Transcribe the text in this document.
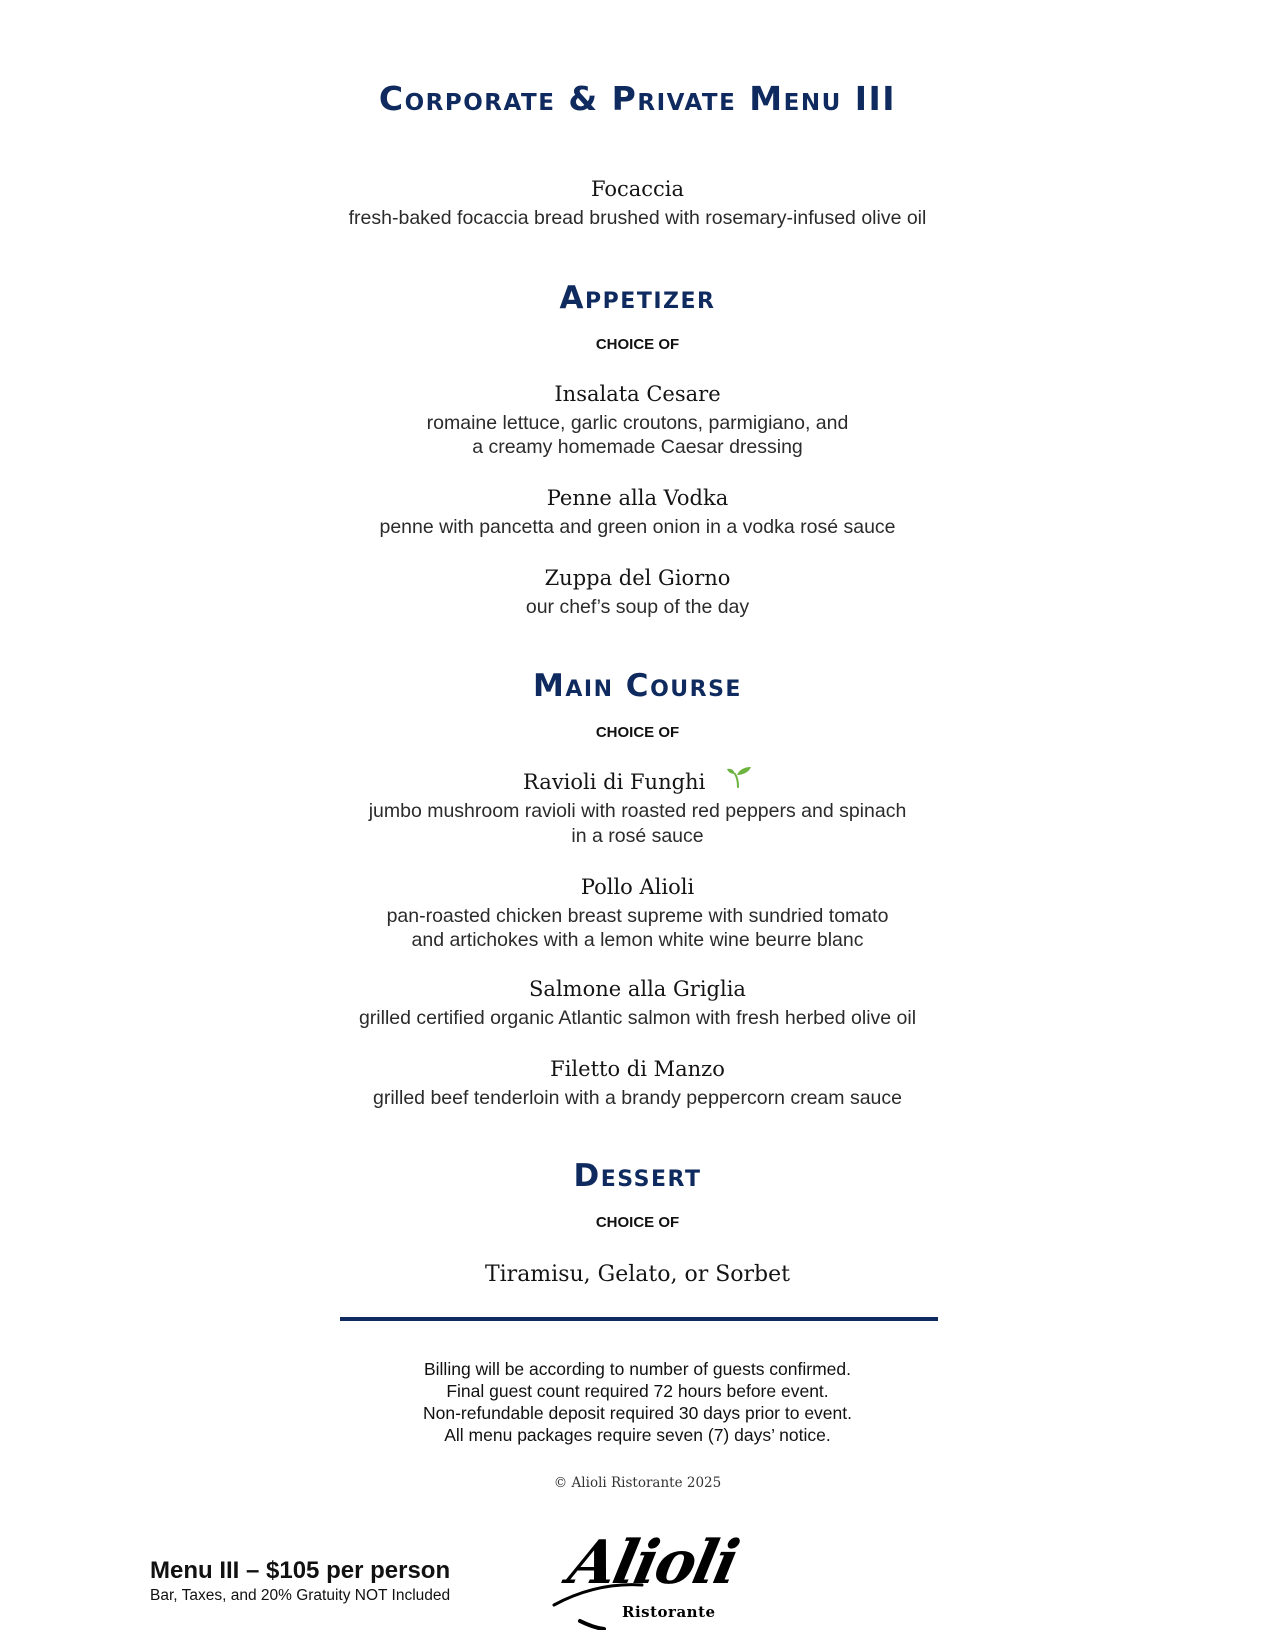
Corporate & Private Menu III
Focaccia
fresh-baked focaccia bread brushed with rosemary-infused olive oil
Appetizer
CHOICE OF
Insalata Cesare
romaine lettuce, garlic croutons, parmigiano, and
a creamy homemade Caesar dressing
Penne alla Vodka
penne with pancetta and green onion in a vodka rosé sauce
Zuppa del Giorno
our chef’s soup of the day
Main Course
CHOICE OF
Ravioli di Funghi
jumbo mushroom ravioli with roasted red peppers and spinach
in a rosé sauce
Pollo Alioli
pan-roasted chicken breast supreme with sundried tomato
and artichokes with a lemon white wine beurre blanc
Salmone alla Griglia
grilled certified organic Atlantic salmon with fresh herbed olive oil
Filetto di Manzo
grilled beef tenderloin with a brandy peppercorn cream sauce
Dessert
CHOICE OF
Tiramisu, Gelato, or Sorbet
Billing will be according to number of guests confirmed.
Final guest count required 72 hours before event.
Non-refundable deposit required 30 days prior to event.
All menu packages require seven (7) days’ notice.
© Alioli Ristorante 2025
Menu III – $105 per person
Bar, Taxes, and 20% Gratuity NOT Included	Alioli
Ristorante
